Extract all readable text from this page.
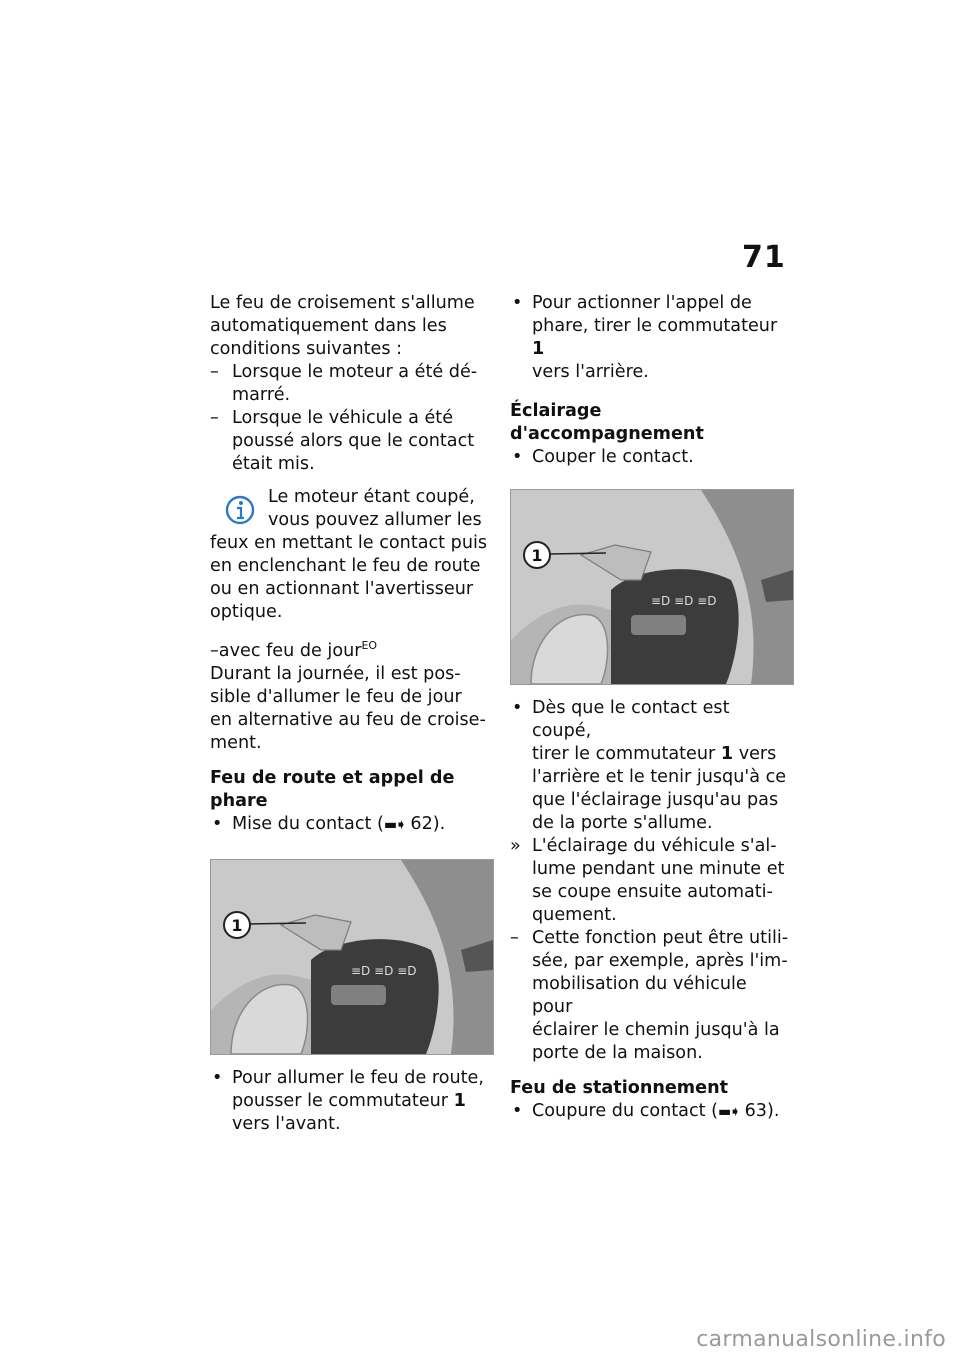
71

Le feu de croisement s'allume
automatiquement dans les
conditions suivantes :

– Lorsque le moteur a été dé-
marré.

– Lorsque le véhicule a été
poussé alors que le contact
était mis.

Le moteur étant coupé,
vous pouvez allumer les
feux en mettant le contact puis
en enclenchant le feu de route
ou en actionnant l'avertisseur
optique.

–avec feu de jour$^{EO}$
Durant la journée, il est pos-
sible d'allumer le feu de jour
en alternative au feu de croise-
ment.

Feu de route et appel de
phare

• Mise du contact (▬➧ 62).

≡D ≡D ≡D
1

• Pour allumer le feu de route,
pousser le commutateur 1
vers l'avant.

• Pour actionner l'appel de
phare, tirer le commutateur 1
vers l'arrière.

Éclairage d'accompagnement

• Couper le contact.

≡D ≡D ≡D
1

• Dès que le contact est coupé,
tirer le commutateur 1 vers
l'arrière et le tenir jusqu'à ce
que l'éclairage jusqu'au pas
de la porte s'allume.

» L'éclairage du véhicule s'al-
lume pendant une minute et
se coupe ensuite automati-
quement.

– Cette fonction peut être utili-
sée, par exemple, après l'im-
mobilisation du véhicule pour
éclairer le chemin jusqu'à la
porte de la maison.

Feu de stationnement

• Coupure du contact (▬➧ 63).

carmanualsonline.info
